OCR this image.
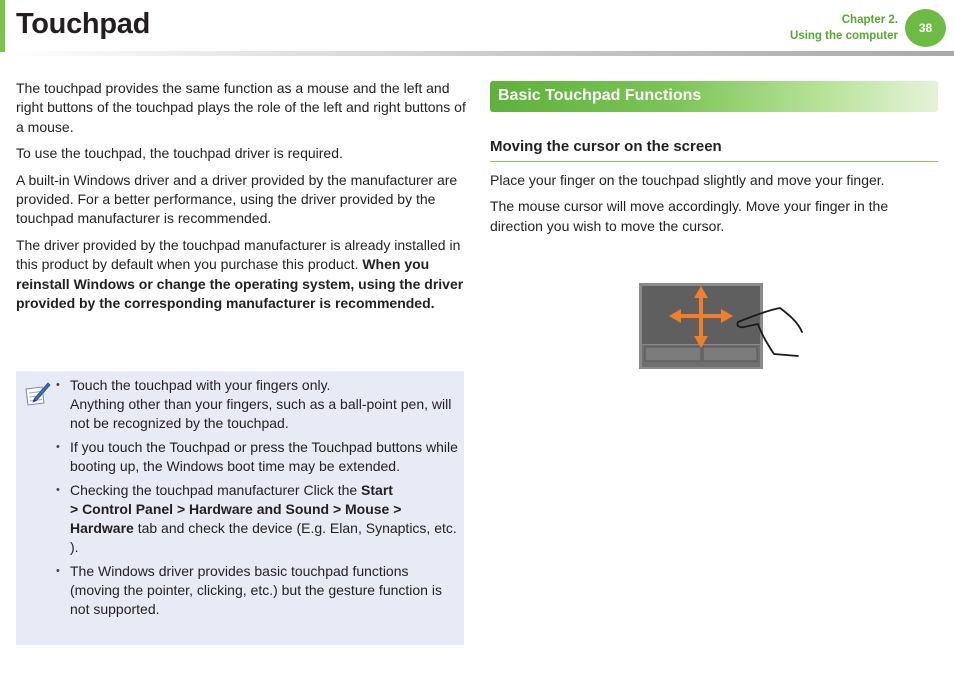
Touchpad	Chapter 2.
Using the computer
38

The touchpad provides the same function as a mouse and the left and right buttons of the touchpad plays the role of the left and right buttons of a mouse.

To use the touchpad, the touchpad driver is required.

A built-in Windows driver and a driver provided by the manufacturer are provided. For a better performance, using the driver provided by the touchpad manufacturer is recommended.

The driver provided by the touchpad manufacturer is already installed in this product by default when you purchase this product. When you reinstall Windows or change the operating system, using the driver provided by the corresponding manufacturer is recommended.

• Touch the touchpad with your fingers only.
Anything other than your fingers, such as a ball-point pen, will not be recognized by the touchpad.
• If you touch the Touchpad or press the Touchpad buttons while booting up, the Windows boot time may be extended.
• Checking the touchpad manufacturer Click the Start
> Control Panel > Hardware and Sound > Mouse > Hardware tab and check the device (E.g. Elan, Synaptics, etc. ).
• The Windows driver provides basic touchpad functions (moving the pointer, clicking, etc.) but the gesture function is not supported.
Basic Touchpad Functions
Moving the cursor on the screen

Place your finger on the touchpad slightly and move your finger.

The mouse cursor will move accordingly. Move your finger in the direction you wish to move the cursor.
